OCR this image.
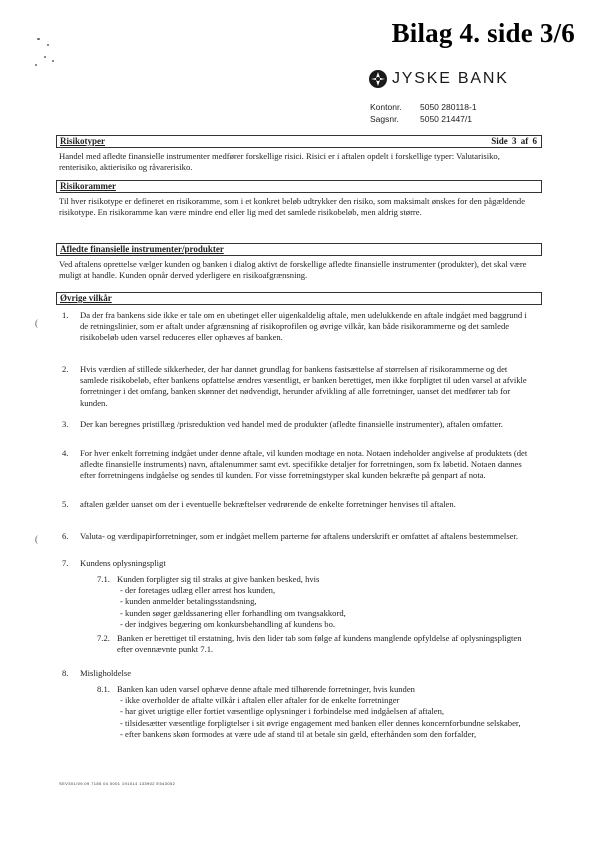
Bilag 4. side 3/6
JYSKE BANK
Kontonr.	5050 280118-1
Sagsnr.	5050 21447/1
Risikotyper	Side 3 af 6
Handel med afledte finansielle instrumenter medfører forskellige risici. Risici er i aftalen opdelt i forskellige typer: Valutarisiko, renterisiko, aktierisiko og råvarerisiko.
Risikorammer
Til hver risikotype er defineret en risikoramme, som i et konkret beløb udtrykker den risiko, som maksimalt ønskes for den pågældende risikotype. En risikoramme kan være mindre end eller lig med det samlede risikobeløb, men aldrig større.
Afledte finansielle instrumenter/produkter
Ved aftalens oprettelse vælger kunden og banken i dialog aktivt de forskellige afledte finansielle instrumenter (produkter), det skal være muligt at handle. Kunden opnår derved yderligere en risikoafgrænsning.
Øvrige vilkår
1. Da der fra bankens side ikke er tale om en ubetinget eller uigenkaldelig aftale, men udelukkende en aftale indgået med baggrund i de retningslinier, som er aftalt under afgrænsning af risikoprofilen og øvrige vilkår, kan både risikorammerne og det samlede risikobeløb uden varsel reduceres eller ophæves af banken.
2. Hvis værdien af stillede sikkerheder, der har dannet grundlag for bankens fastsættelse af størrelsen af risikorammerne og det samlede risikobeløb, efter bankens opfattelse ændres væsentligt, er banken berettiget, men ikke forpligtet til uden varsel at afvikle forretninger i det omfang, banken skønner det nødvendigt, herunder afvikling af alle forretninger, uanset det medfører tab for kunden.
3. Der kan beregnes pristillæg /prisreduktion ved handel med de produkter (afledte finansielle instrumenter), aftalen omfatter.
4. For hver enkelt forretning indgået under denne aftale, vil kunden modtage en nota. Notaen indeholder angivelse af produktets (det afledte finansielle instruments) navn, aftalenummer samt evt. specifikke detaljer for forretningen, som fx løbetid. Notaen dannes efter forretningens indgåelse og sendes til kunden. For visse forretningstyper skal kunden bekræfte på genpart af nota.
5. aftalen gælder uanset om der i eventuelle bekræftelser vedrørende de enkelte forretninger henvises til aftalen.
6. Valuta- og værdipapirforretninger, som er indgået mellem parterne før aftalens underskrift er omfattet af aftalens bestemmelser.
7. Kundens oplysningspligt
7.1. Kunden forpligter sig til straks at give banken besked, hvis
- der foretages udlæg eller arrest hos kunden,
- kunden anmelder betalingsstandsning,
- kunden søger gældssanering eller forhandling om tvangsakkord,
- der indgives begæring om konkursbehandling af kundens bo.
7.2. Banken er berettiget til erstatning, hvis den lider tab som følge af kundens manglende opfyldelse af oplysningspligten efter ovennævnte punkt 7.1.
8. Misligholdelse
8.1. Banken kan uden varsel ophæve denne aftale med tilhørende forretninger, hvis kunden
- ikke overholder de aftalte vilkår i aftalen eller aftaler for de enkelte forretninger
- har givet urigtige eller fortiet væsentlige oplysninger i forbindelse med indgåelsen af aftalen,
- tilsidesætter væsentlige forpligtelser i sit øvrige engagement med banken eller dennes koncernforbundne selskaber,
- efter bankens skøn formodes at være ude af stand til at betale sin gæld, efterhånden som den forfalder,
(
(
SEV301/09.09 7185 04 0001 191014 133902 E543052
